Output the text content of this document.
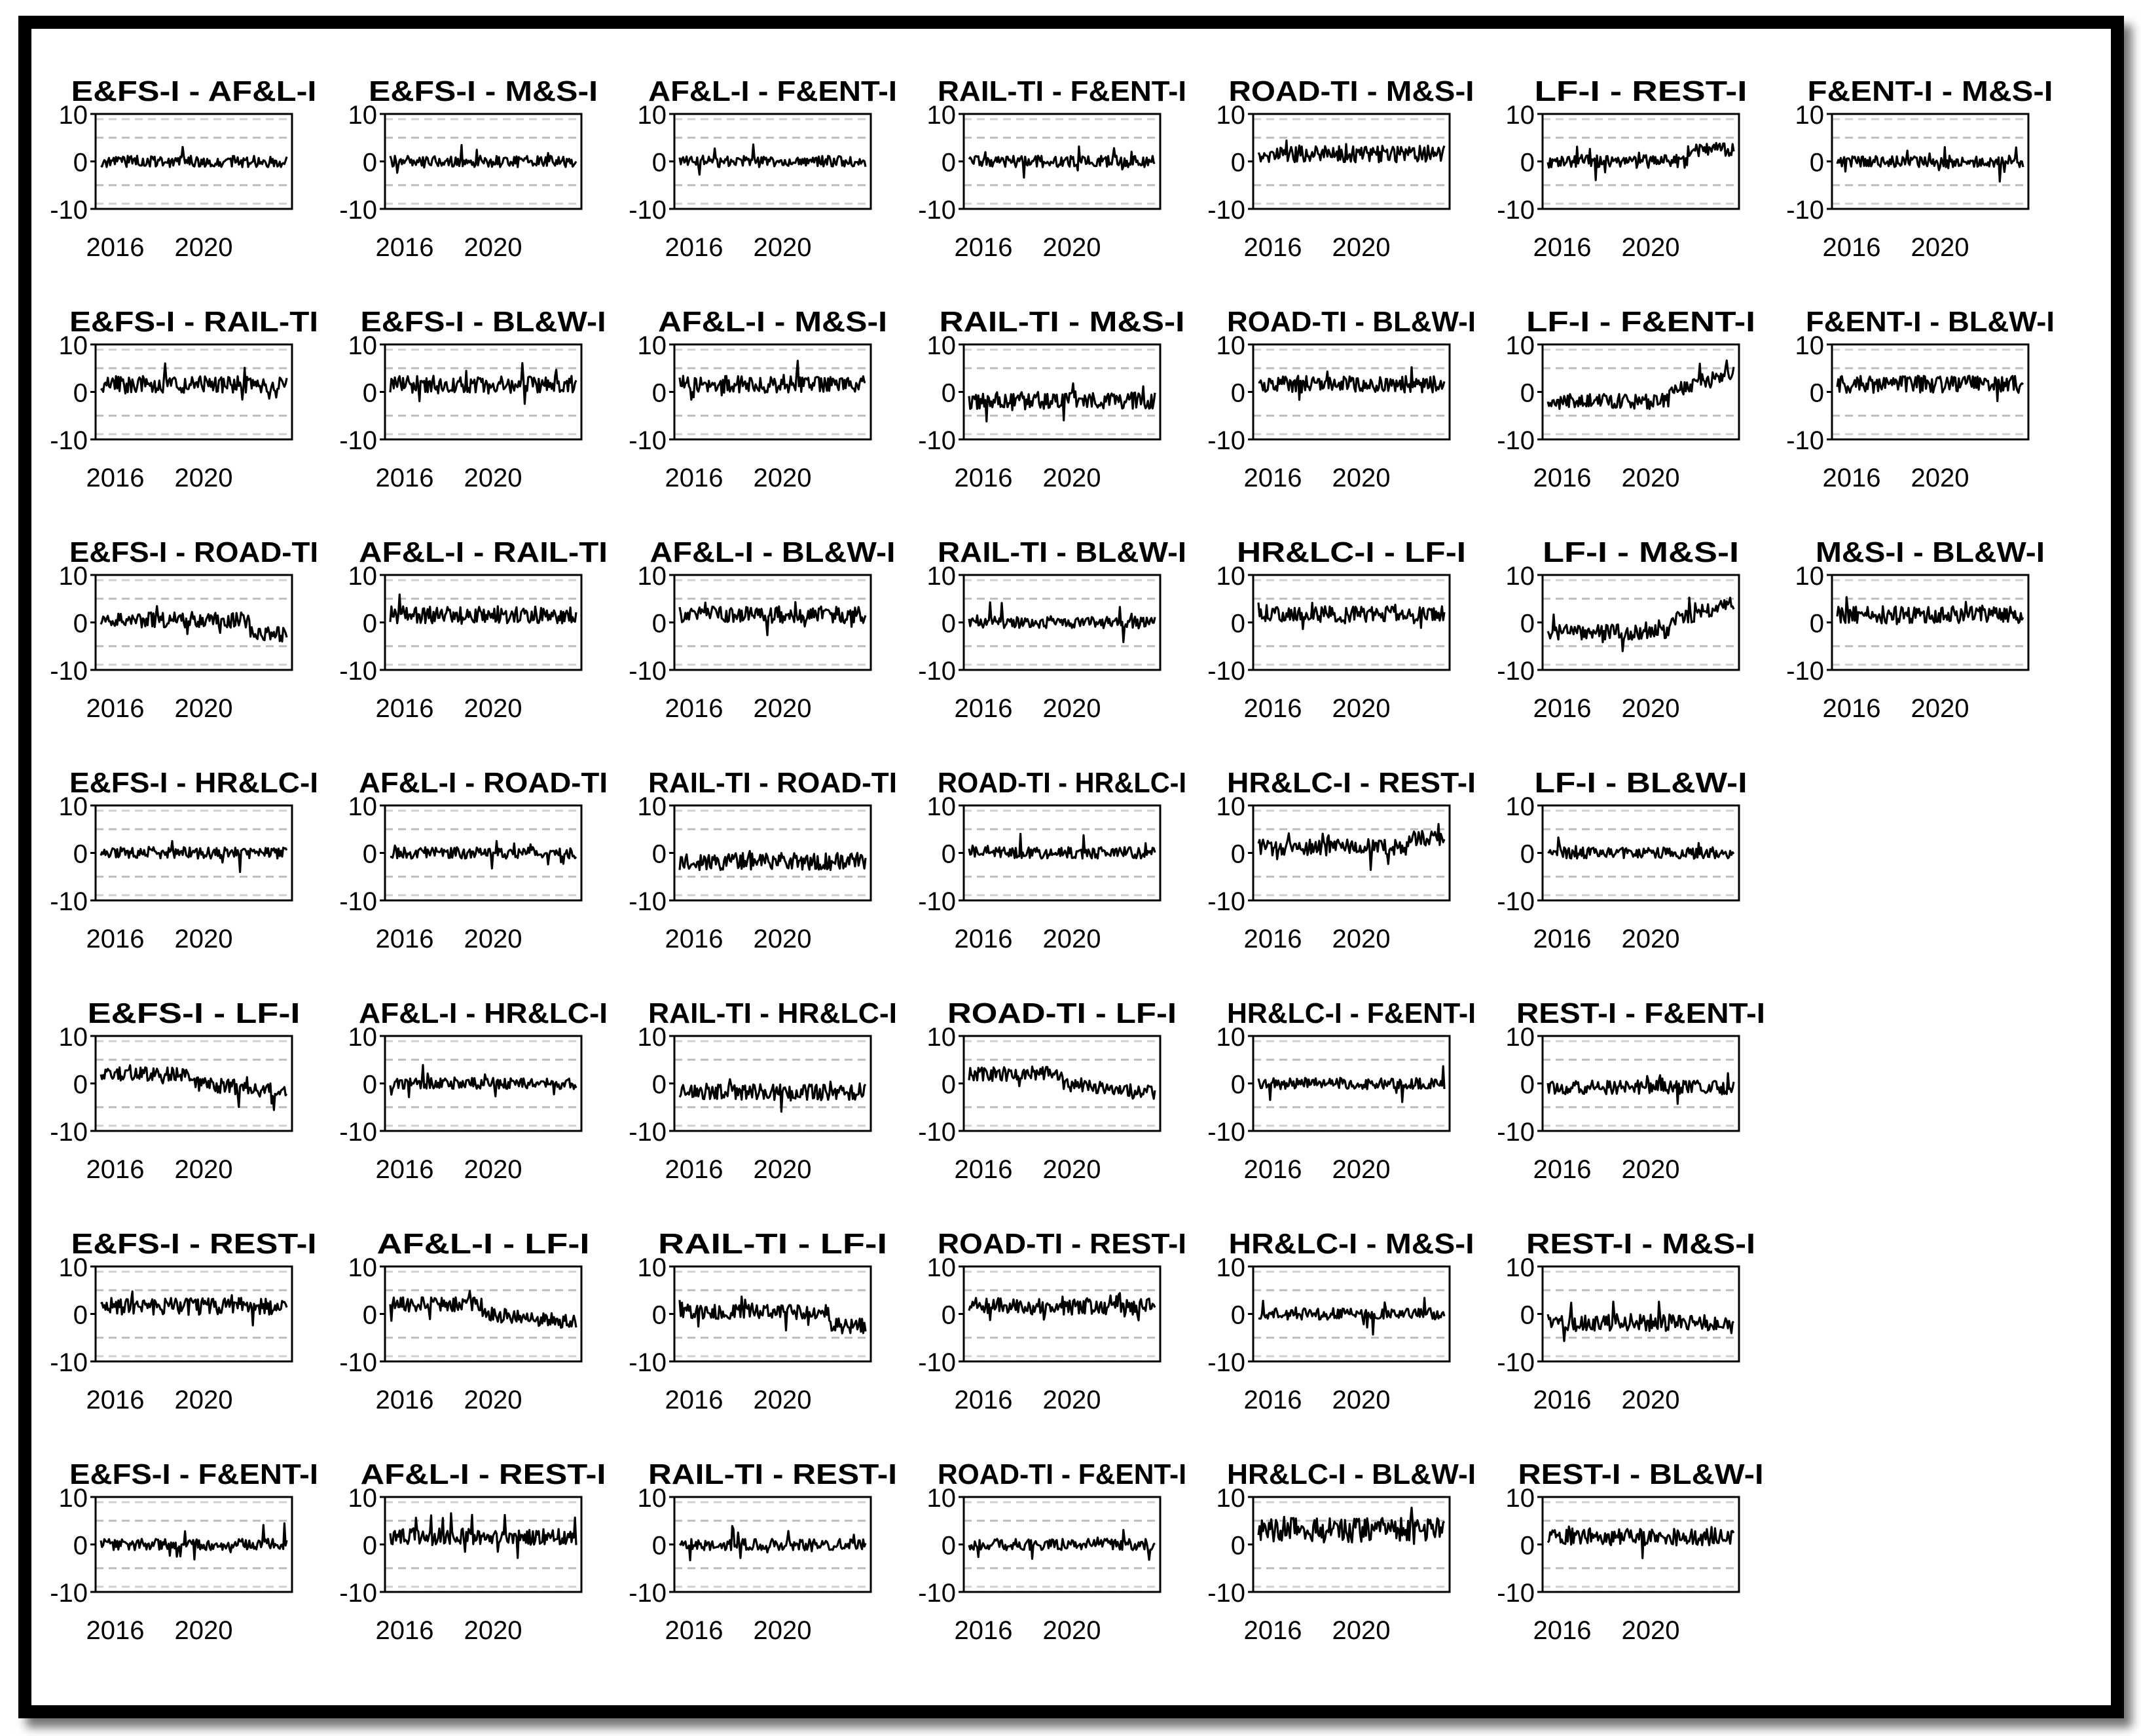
E&FS-I - AF&L-I
-10
0
10
2016 2020
E&FS-I - M&S-I
-10
0
10
2016 2020
AF&L-I - F&ENT-I
-10
0
10
2016 2020
RAIL-TI - F&ENT-I
-10
0
10
2016 2020
ROAD-TI - M&S-I
-10
0
10
2016 2020
LF-I - REST-I
-10
0
10
2016 2020
F&ENT-I - M&S-I
-10
0
10
2016 2020
E&FS-I - RAIL-TI
-10
0
10
2016 2020
E&FS-I - BL&W-I
-10
0
10
2016 2020
AF&L-I - M&S-I
-10
0
10
2016 2020
RAIL-TI - M&S-I
-10
0
10
2016 2020
ROAD-TI - BL&W-I
-10
0
10
2016 2020
LF-I - F&ENT-I
-10
0
10
2016 2020
F&ENT-I - BL&W-I
-10
0
10
2016 2020
E&FS-I - ROAD-TI
-10
0
10
2016 2020
AF&L-I - RAIL-TI
-10
0
10
2016 2020
AF&L-I - BL&W-I
-10
0
10
2016 2020
RAIL-TI - BL&W-I
-10
0
10
2016 2020
HR&LC-I - LF-I
-10
0
10
2016 2020
LF-I - M&S-I
-10
0
10
2016 2020
M&S-I - BL&W-I
-10
0
10
2016 2020
E&FS-I - HR&LC-I
-10
0
10
2016 2020
AF&L-I - ROAD-TI
-10
0
10
2016 2020
RAIL-TI - ROAD-TI
-10
0
10
2016 2020
ROAD-TI - HR&LC-I
-10
0
10
2016 2020
HR&LC-I - REST-I
-10
0
10
2016 2020
LF-I - BL&W-I
-10
0
10
2016 2020
E&FS-I - LF-I
-10
0
10
2016 2020
AF&L-I - HR&LC-I
-10
0
10
2016 2020
RAIL-TI - HR&LC-I
-10
0
10
2016 2020
ROAD-TI - LF-I
-10
0
10
2016 2020
HR&LC-I - F&ENT-I
-10
0
10
2016 2020
REST-I - F&ENT-I
-10
0
10
2016 2020
E&FS-I - REST-I
-10
0
10
2016 2020
AF&L-I - LF-I
-10
0
10
2016 2020
RAIL-TI - LF-I
-10
0
10
2016 2020
ROAD-TI - REST-I
-10
0
10
2016 2020
HR&LC-I - M&S-I
-10
0
10
2016 2020
REST-I - M&S-I
-10
0
10
2016 2020
E&FS-I - F&ENT-I
-10
0
10
2016 2020
AF&L-I - REST-I
-10
0
10
2016 2020
RAIL-TI - REST-I
-10
0
10
2016 2020
ROAD-TI - F&ENT-I
-10
0
10
2016 2020
HR&LC-I - BL&W-I
-10
0
10
2016 2020
REST-I - BL&W-I
-10
0
10
2016 2020
